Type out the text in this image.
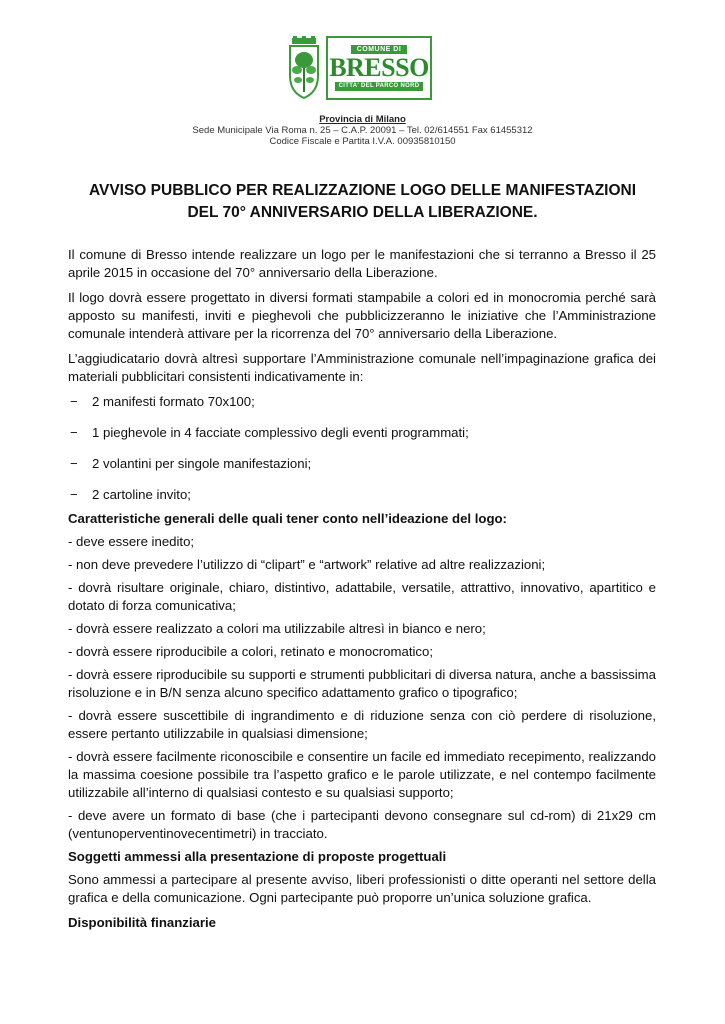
COMUNE DI
BRESSO
CITTA' DEL PARCO NORD
Provincia di Milano
Sede Municipale Via Roma n. 25 – C.A.P. 20091 – Tel. 02/614551 Fax 61455312
Codice Fiscale e Partita I.V.A. 00935810150
AVVISO PUBBLICO PER REALIZZAZIONE LOGO DELLE MANIFESTAZIONI
DEL 70° ANNIVERSARIO DELLA LIBERAZIONE.

Il comune di Bresso intende realizzare un logo per le manifestazioni che si terranno a Bresso il 25 aprile 2015 in occasione del 70° anniversario della Liberazione.

Il logo dovrà essere progettato in diversi formati stampabile a colori ed in monocromia perché sarà apposto su manifesti, inviti e pieghevoli che pubblicizzeranno le iniziative che l’Amministrazione comunale intenderà attivare per la ricorrenza del 70° anniversario della Liberazione.

L’aggiudicatario dovrà altresì supportare l’Amministrazione comunale nell’impaginazione grafica dei materiali pubblicitari consistenti indicativamente in:

− 2 manifesti formato 70x100;
− 1 pieghevole in 4 facciate complessivo degli eventi programmati;
− 2 volantini per singole manifestazioni;
− 2 cartoline invito;
Caratteristiche generali delle quali tener conto nell’ideazione del logo:
- deve essere inedito;
- non deve prevedere l’utilizzo di “clipart” e “artwork” relative ad altre realizzazioni;
- dovrà risultare originale, chiaro, distintivo, adattabile, versatile, attrattivo, innovativo, apartitico e dotato di forza comunicativa;
- dovrà essere realizzato a colori ma utilizzabile altresì in bianco e nero;
- dovrà essere riproducibile a colori, retinato e monocromatico;
- dovrà essere riproducibile su supporti e strumenti pubblicitari di diversa natura, anche a bassissima risoluzione e in B/N senza alcuno specifico adattamento grafico o tipografico;
- dovrà essere suscettibile di ingrandimento e di riduzione senza con ciò perdere di risoluzione, essere pertanto utilizzabile in qualsiasi dimensione;
- dovrà essere facilmente riconoscibile e consentire un facile ed immediato recepimento, realizzando la massima coesione possibile tra l’aspetto grafico e le parole utilizzate, e nel contempo facilmente utilizzabile all’interno di qualsiasi contesto e su qualsiasi supporto;
- deve avere un formato di base (che i partecipanti devono consegnare sul cd-rom) di 21x29 cm (ventunoperventinovecentimetri) in tracciato.
Soggetti ammessi alla presentazione di proposte progettuali

Sono ammessi a partecipare al presente avviso, liberi professionisti o ditte operanti nel settore della grafica e della comunicazione. Ogni partecipante può proporre un’unica soluzione grafica.

Disponibilità finanziarie
